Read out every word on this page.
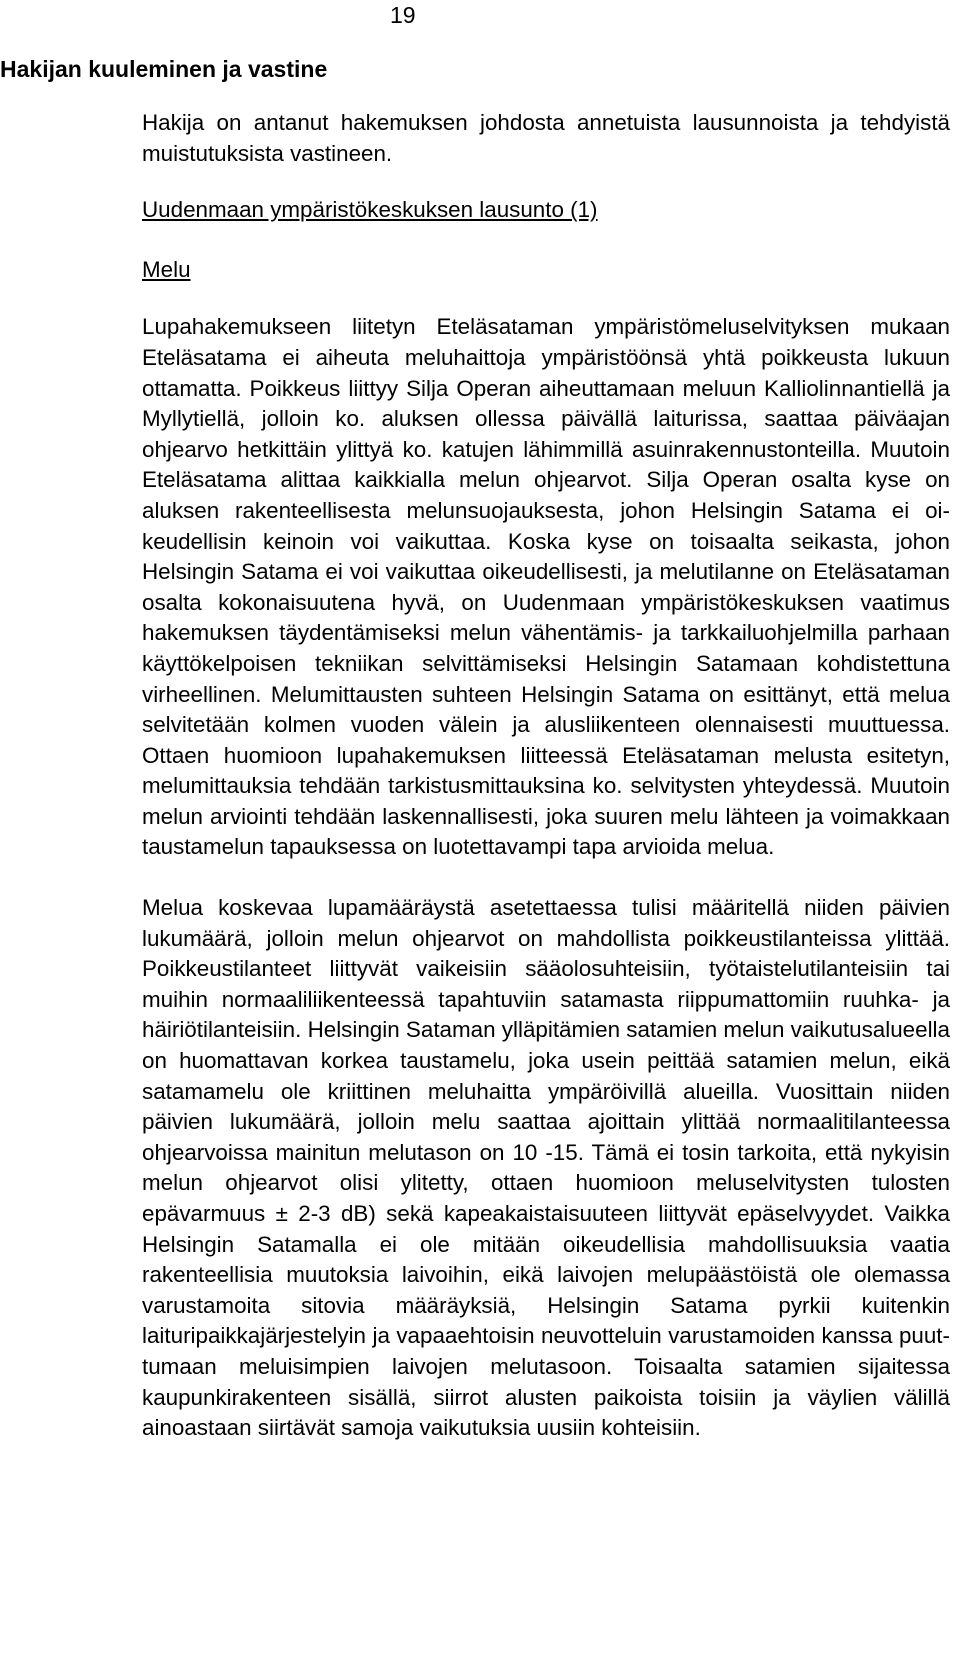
19
Hakijan kuuleminen ja vastine

Hakija on antanut hakemuksen johdosta annetuista lausunnoista ja tehdyistä muistutuksista vastineen.

Uudenmaan ympäristökeskuksen lausunto (1)

Melu

Lupahakemukseen liitetyn Eteläsataman ympäristömeluselvityksen mukaan Eteläsatama ei aiheuta meluhaittoja ympäristöönsä yhtä poikkeusta lukuun ottamatta. Poikkeus liittyy Silja Operan aiheuttamaan meluun Kalliolinnantiellä ja Myllytiellä, jolloin ko. aluksen ollessa päivällä laiturissa, saattaa päiväajan ohjearvo hetkittäin ylittyä ko. katujen lähimmillä asuinrakennustonteilla. Muutoin Eteläsatama alittaa kaikkialla melun ohjearvot. Silja Operan osalta kyse on aluksen rakenteellisesta melunsuojauksesta, johon Helsingin Satama ei oikeudellisin keinoin voi vaikuttaa. Koska kyse on toisaalta seikasta, johon Helsingin Satama ei voi vaikuttaa oikeudellisesti, ja melutilanne on Eteläsataman osalta kokonaisuutena hyvä, on Uudenmaan ympäristökeskuksen vaatimus hakemuksen täydentämiseksi melun vähentämis- ja tarkkailuohjelmilla parhaan käyttökelpoisen tekniikan selvittämiseksi Helsingin Satamaan kohdistettuna virheellinen. Melumittausten suhteen Helsingin Satama on esittänyt, että melua selvitetään kolmen vuoden välein ja alusliikenteen olennaisesti muuttuessa. Ottaen huomioon lupahakemuksen liitteessä Eteläsataman melusta esitetyn, melumittauksia tehdään tarkistusmittauksina ko. selvitysten yhteydessä. Muutoin melun arviointi tehdään laskennallisesti, joka suuren melu lähteen ja voimakkaan taustamelun tapauksessa on luotettavampi tapa arvioida melua.

Melua koskevaa lupamääräystä asetettaessa tulisi määritellä niiden päivien lukumäärä, jolloin melun ohjearvot on mahdollista poikkeustilanteissa ylittää. Poikkeustilanteet liittyvät vaikeisiin sääolosuhteisiin, työtaistelutilanteisiin tai muihin normaaliliikenteessä tapahtuviin satamasta riippumattomiin ruuhka- ja häiriötilanteisiin. Helsingin Sataman ylläpitämien satamien melun vaikutusalueella on huomattavan korkea taustamelu, joka usein peittää satamien melun, eikä satamamelu ole kriittinen meluhaitta ympäröivillä alueilla. Vuosittain niiden päivien lukumäärä, jolloin melu saattaa ajoittain ylittää normaalitilanteessa ohjearvoissa mainitun melutason on 10 -15. Tämä ei tosin tarkoita, että nykyisin melun ohjearvot olisi ylitetty, ottaen huomioon meluselvitysten tulosten epävarmuus ± 2-3 dB) sekä kapeakaistaisuuteen liittyvät epäselvyydet. Vaikka Helsingin Satamalla ei ole mitään oikeudellisia mahdollisuuksia vaatia rakenteellisia muutoksia laivoihin, eikä laivojen melupäästöistä ole olemassa varustamoita sitovia määräyksiä, Helsingin Satama pyrkii kuitenkin laituripaikkajärjestelyin ja vapaaehtoisin neuvotteluin varustamoiden kanssa puuttumaan meluisimpien laivojen melutasoon. Toisaalta satamien sijaitessa kaupunkirakenteen sisällä, siirrot alusten paikoista toisiin ja väylien välillä ainoastaan siirtävät samoja vaikutuksia uusiin kohteisiin.
